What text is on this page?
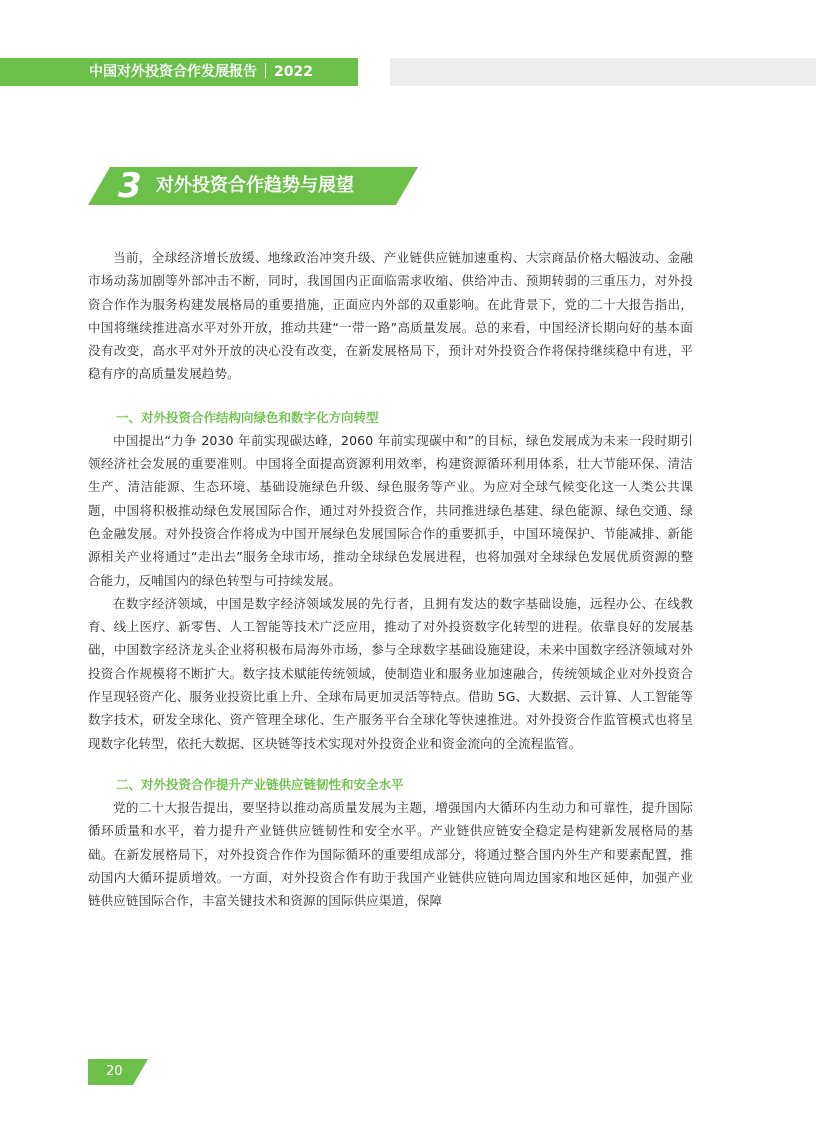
中国对外投资合作发展报告 2022
3 对外投资合作趋势与展望

当前，全球经济增长放缓、地缘政治冲突升级、产业链供应链加速重构、大宗商品价格大幅波动、金融市场动荡加剧等外部冲击不断，同时，我国国内正面临需求收缩、供给冲击、预期转弱的三重压力，对外投资合作作为服务构建发展格局的重要措施，正面应内外部的双重影响。在此背景下，党的二十大报告指出，中国将继续推进高水平对外开放，推动共建“一带一路”高质量发展。总的来看，中国经济长期向好的基本面没有改变，高水平对外开放的决心没有改变，在新发展格局下，预计对外投资合作将保持继续稳中有进，平稳有序的高质量发展趋势。

一、对外投资合作结构向绿色和数字化方向转型

中国提出“力争 2030 年前实现碳达峰，2060 年前实现碳中和”的目标，绿色发展成为未来一段时期引领经济社会发展的重要准则。中国将全面提高资源利用效率，构建资源循环利用体系，壮大节能环保、清洁生产、清洁能源、生态环境、基础设施绿色升级、绿色服务等产业。为应对全球气候变化这一人类公共课题，中国将积极推动绿色发展国际合作，通过对外投资合作，共同推进绿色基建、绿色能源、绿色交通、绿色金融发展。对外投资合作将成为中国开展绿色发展国际合作的重要抓手，中国环境保护、节能减排、新能源相关产业将通过“走出去”服务全球市场，推动全球绿色发展进程，也将加强对全球绿色发展优质资源的整合能力，反哺国内的绿色转型与可持续发展。

在数字经济领域，中国是数字经济领域发展的先行者，且拥有发达的数字基础设施，远程办公、在线教育、线上医疗、新零售、人工智能等技术广泛应用，推动了对外投资数字化转型的进程。依靠良好的发展基础，中国数字经济龙头企业将积极布局海外市场，参与全球数字基础设施建设，未来中国数字经济领域对外投资合作规模将不断扩大。数字技术赋能传统领域，使制造业和服务业加速融合，传统领域企业对外投资合作呈现轻资产化、服务业投资比重上升、全球布局更加灵活等特点。借助 5G、大数据、云计算、人工智能等数字技术，研发全球化、资产管理全球化、生产服务平台全球化等快速推进。对外投资合作监管模式也将呈现数字化转型，依托大数据、区块链等技术实现对外投资企业和资金流向的全流程监管。

二、对外投资合作提升产业链供应链韧性和安全水平

党的二十大报告提出，要坚持以推动高质量发展为主题，增强国内大循环内生动力和可靠性，提升国际循环质量和水平，着力提升产业链供应链韧性和安全水平。产业链供应链安全稳定是构建新发展格局的基础。在新发展格局下，对外投资合作作为国际循环的重要组成部分，将通过整合国内外生产和要素配置，推动国内大循环提质增效。一方面，对外投资合作有助于我国产业链供应链向周边国家和地区延伸，加强产业链供应链国际合作，丰富关键技术和资源的国际供应渠道，保障

20
